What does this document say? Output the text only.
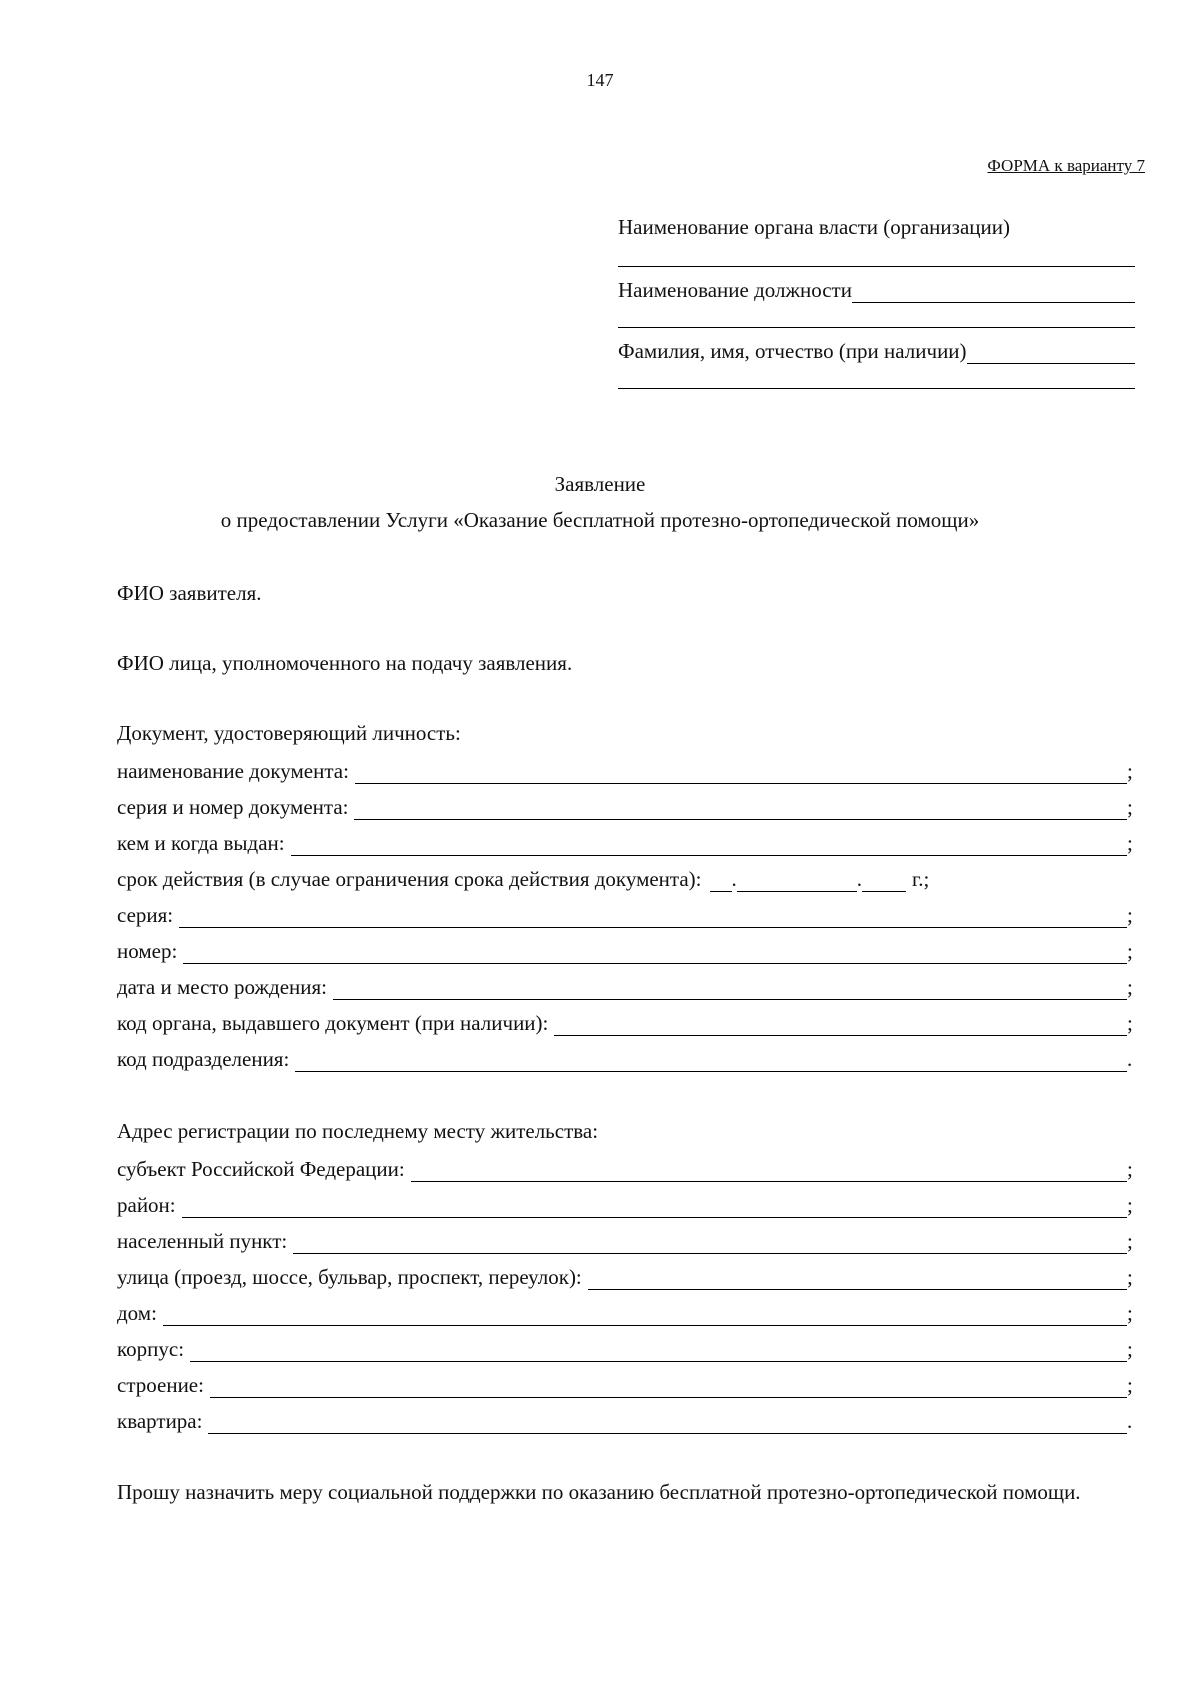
147
ФОРМА к варианту 7
Наименование органа власти (организации)
Наименование должности
Фамилия, имя, отчество (при наличии)
Заявление
о предоставлении Услуги «Оказание бесплатной протезно-ортопедической помощи»
ФИО заявителя.
ФИО лица, уполномоченного на подачу заявления.
Документ, удостоверяющий личность:
наименование документа:	;
серия и номер документа:	;
кем и когда выдан:	;
срок действия (в случае ограничения срока действия документа): .	. г.;
серия:	;
номер:	;
дата и место рождения:	;
код органа, выдавшего документ (при наличии):	;
код подразделения:	.
Адрес регистрации по последнему месту жительства:
субъект Российской Федерации:	;
район:	;
населенный пункт:	;
улица (проезд, шоссе, бульвар, проспект, переулок):	;
дом:	;
корпус:	;
строение:	;
квартира:	.
Прошу назначить меру социальной поддержки по оказанию бесплатной протезно-ортопедической помощи.
